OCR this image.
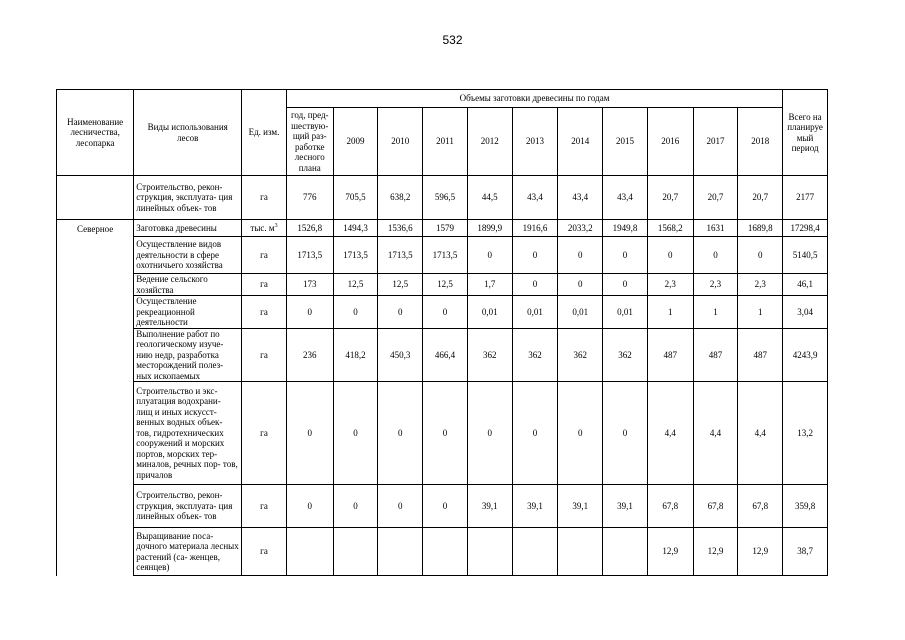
532
Наименование лесничества, лесопарка	Виды использования лесов	Ед. изм.	Объемы заготовки древесины по годам											Всего на планируе мый период
			год, пред- шествую- щий раз- работке лесного плана	2009	2010	2011	2012	2013	2014	2015	2016	2017	2018	
	Строительство, рекон- струкция, эксплуата- ция линейных объек- тов	га	776	705,5	638,2	596,5	44,5	43,4	43,4	43,4	20,7	20,7	20,7	2177
Северное	Заготовка древесины	тыс. $м^3$	1526,8	1494,3	1536,6	1579	1899,9	1916,6	2033,2	1949,8	1568,2	1631	1689,8	17298,4
	Осуществление видов деятельности в сфере охотничьего хозяйства	га	1713,5	1713,5	1713,5	1713,5	0	0	0	0	0	0	0	5140,5
	Ведение сельского хозяйства	га	173	12,5	12,5	12,5	1,7	0	0	0	2,3	2,3	2,3	46,1
	Осуществление рекреационной деятельности	га	0	0	0	0	0,01	0,01	0,01	0,01	1	1	1	3,04
	Выполнение работ по геологическому изуче- нию недр, разработка месторождений полез- ных ископаемых	га	236	418,2	450,3	466,4	362	362	362	362	487	487	487	4243,9
	Строительство и экс- плуатация водохрани- лищ и иных искусст- венных водных объек- тов, гидротехнических сооружений и морских портов, морских тер- миналов, речных пор- тов, причалов	га	0	0	0	0	0	0	0	0	4,4	4,4	4,4	13,2
	Строительство, рекон- струкция, эксплуата- ция линейных объек- тов	га	0	0	0	0	39,1	39,1	39,1	39,1	67,8	67,8	67,8	359,8
	Выращивание поса- дочного материала лесных растений (са- женцев, сеянцев)	га									12,9	12,9	12,9	38,7
